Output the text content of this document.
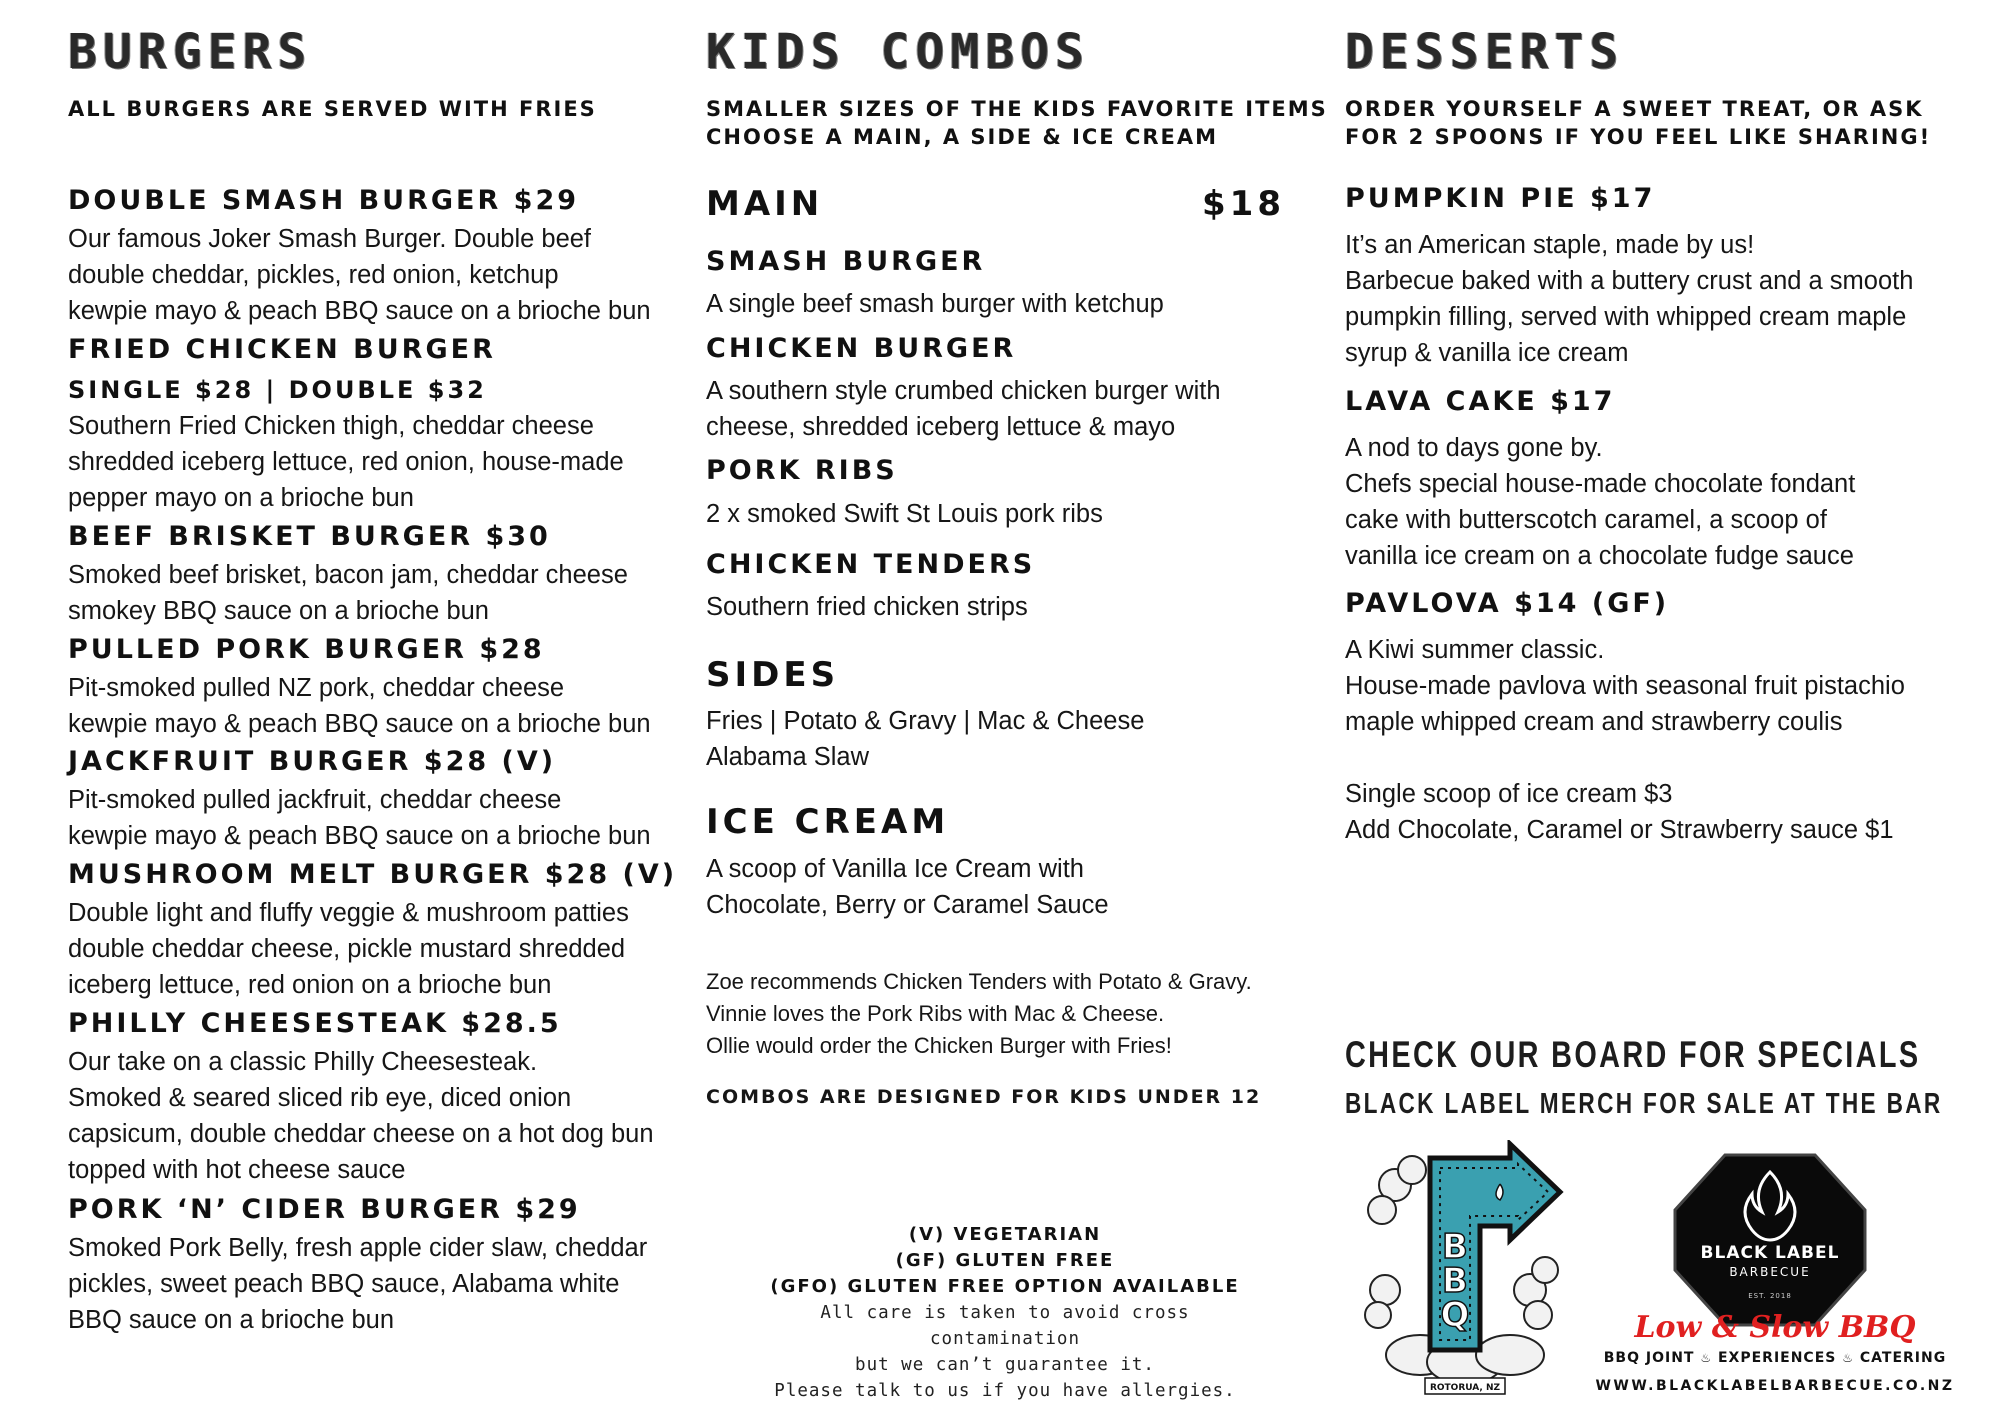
BURGERS
ALL BURGERS ARE SERVED WITH FRIES
DOUBLE SMASH BURGER $29
Our famous Joker Smash Burger. Double beef
double cheddar, pickles, red onion, ketchup
kewpie mayo & peach BBQ sauce on a brioche bun
FRIED CHICKEN BURGER
SINGLE $28 | DOUBLE $32
Southern Fried Chicken thigh, cheddar cheese
shredded iceberg lettuce, red onion, house-made
pepper mayo on a brioche bun
BEEF BRISKET BURGER $30
Smoked beef brisket, bacon jam, cheddar cheese
smokey BBQ sauce on a brioche bun
PULLED PORK BURGER $28
Pit-smoked pulled NZ pork, cheddar cheese
kewpie mayo & peach BBQ sauce on a brioche bun
JACKFRUIT BURGER $28 (V)
Pit-smoked pulled jackfruit, cheddar cheese
kewpie mayo & peach BBQ sauce on a brioche bun
MUSHROOM MELT BURGER $28 (V)
Double light and fluffy veggie & mushroom patties
double cheddar cheese, pickle mustard shredded
iceberg lettuce, red onion on a brioche bun
PHILLY CHEESESTEAK $28.5
Our take on a classic Philly Cheesesteak.
Smoked & seared sliced rib eye, diced onion
capsicum, double cheddar cheese on a hot dog bun
topped with hot cheese sauce
PORK ‘N’ CIDER BURGER $29
Smoked Pork Belly, fresh apple cider slaw, cheddar
pickles, sweet peach BBQ sauce, Alabama white
BBQ sauce on a brioche bun
KIDS COMBOS
SMALLER SIZES OF THE KIDS FAVORITE ITEMS
CHOOSE A MAIN, A SIDE & ICE CREAM
MAIN	$18
SMASH BURGER
A single beef smash burger with ketchup
CHICKEN BURGER
A southern style crumbed chicken burger with
cheese, shredded iceberg lettuce & mayo
PORK RIBS
2 x smoked Swift St Louis pork ribs
CHICKEN TENDERS
Southern fried chicken strips
SIDES
Fries | Potato & Gravy | Mac & Cheese
Alabama Slaw
ICE CREAM
A scoop of Vanilla Ice Cream with
Chocolate, Berry or Caramel Sauce
Zoe recommends Chicken Tenders with Potato & Gravy.
Vinnie loves the Pork Ribs with Mac & Cheese.
Ollie would order the Chicken Burger with Fries!
COMBOS ARE DESIGNED FOR KIDS UNDER 12
(V) VEGETARIAN
(GF) GLUTEN FREE
(GFO) GLUTEN FREE OPTION AVAILABLE
All care is taken to avoid cross contamination
but we can’t guarantee it.
Please talk to us if you have allergies.
DESSERTS
ORDER YOURSELF A SWEET TREAT, OR ASK
FOR 2 SPOONS IF YOU FEEL LIKE SHARING!
PUMPKIN PIE $17
It’s an American staple, made by us!
Barbecue baked with a buttery crust and a smooth
pumpkin filling, served with whipped cream maple
syrup & vanilla ice cream
LAVA CAKE $17
A nod to days gone by.
Chefs special house-made chocolate fondant
cake with butterscotch caramel, a scoop of
vanilla ice cream on a chocolate fudge sauce
PAVLOVA $14 (GF)
A Kiwi summer classic.
House-made pavlova with seasonal fruit pistachio
maple whipped cream and strawberry coulis
Single scoop of ice cream $3
Add Chocolate, Caramel or Strawberry sauce $1
CHECK OUR BOARD FOR SPECIALS
BLACK LABEL MERCH FOR SALE AT THE BAR
B
B
Q
ROTORUA, NZ
BLACK LABEL
BARBECUE
EST. 2018
Low & Slow BBQ
BBQ JOINT ♨ EXPERIENCES ♨ CATERING
WWW.BLACKLABELBARBECUE.CO.NZ
